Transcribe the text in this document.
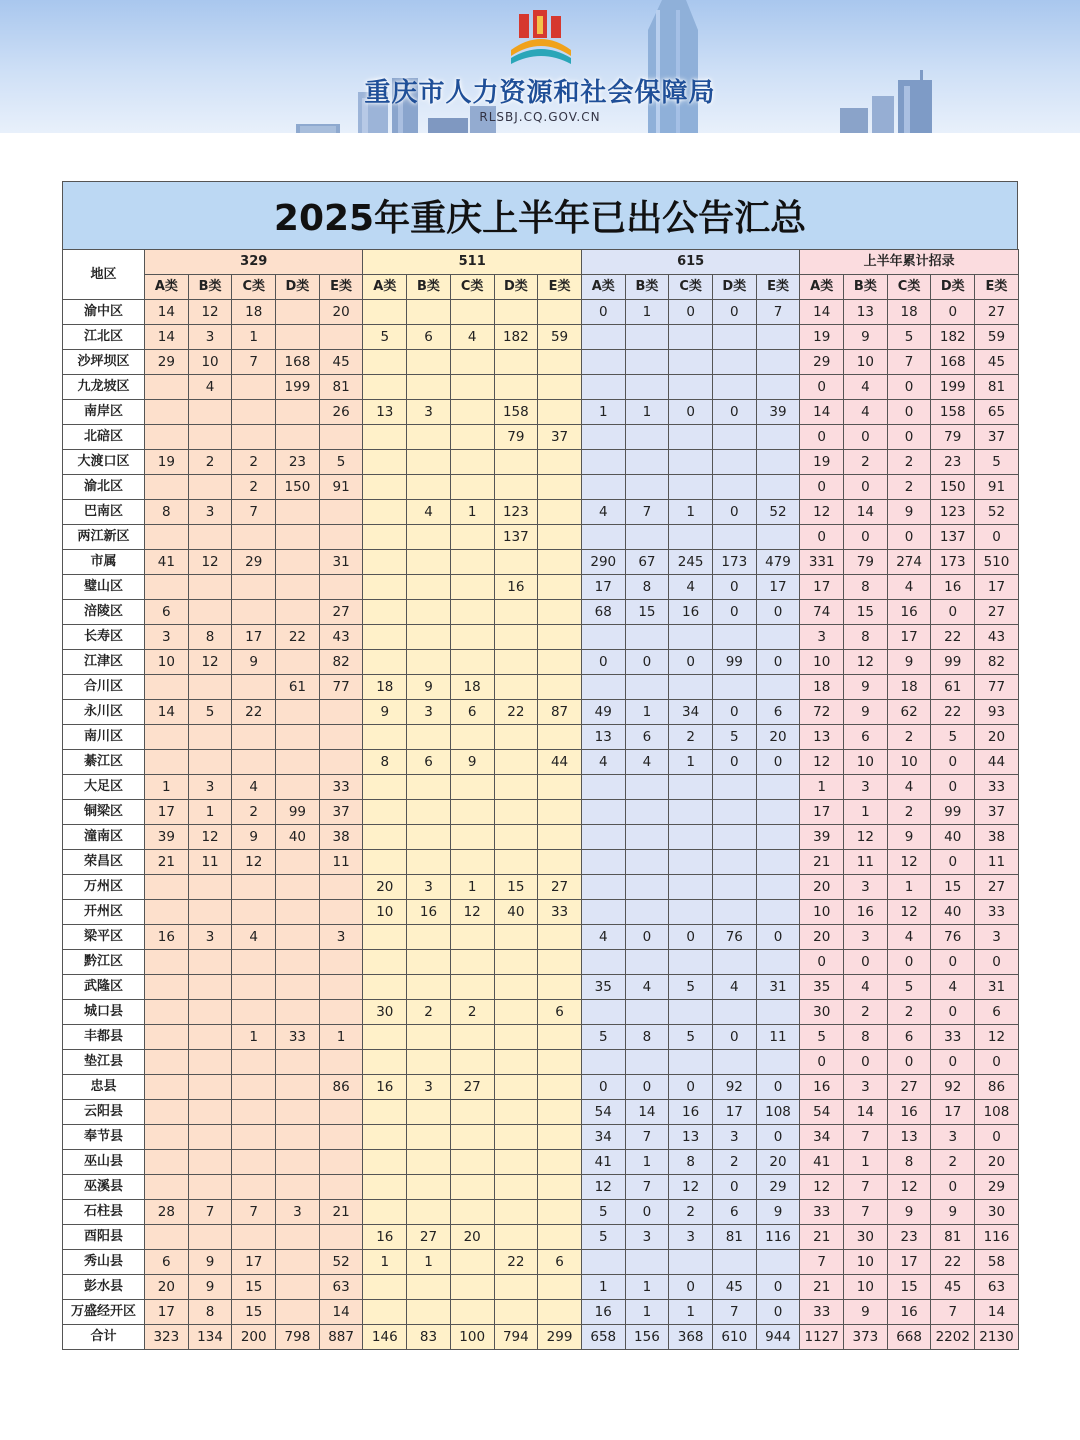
重庆市人力资源和社会保障局
RLSBJ.CQ.GOV.CN
2025年重庆上半年已出公告汇总
地区	329					511					615					上半年累计招录				
	A类	B类	C类	D类	E类	A类	B类	C类	D类	E类	A类	B类	C类	D类	E类	A类	B类	C类	D类	E类
渝中区	14	12	18		20						0	1	0	0	7	14	13	18	0	27
江北区	14	3	1			5	6	4	182	59						19	9	5	182	59
沙坪坝区	29	10	7	168	45											29	10	7	168	45
九龙坡区		4		199	81											0	4	0	199	81
南岸区					26	13	3		158		1	1	0	0	39	14	4	0	158	65
北碚区									79	37						0	0	0	79	37
大渡口区	19	2	2	23	5											19	2	2	23	5
渝北区			2	150	91											0	0	2	150	91
巴南区	8	3	7				4	1	123		4	7	1	0	52	12	14	9	123	52
两江新区									137							0	0	0	137	0
市属	41	12	29		31						290	67	245	173	479	331	79	274	173	510
璧山区									16		17	8	4	0	17	17	8	4	16	17
涪陵区	6				27						68	15	16	0	0	74	15	16	0	27
长寿区	3	8	17	22	43											3	8	17	22	43
江津区	10	12	9		82						0	0	0	99	0	10	12	9	99	82
合川区				61	77	18	9	18								18	9	18	61	77
永川区	14	5	22			9	3	6	22	87	49	1	34	0	6	72	9	62	22	93
南川区											13	6	2	5	20	13	6	2	5	20
綦江区						8	6	9		44	4	4	1	0	0	12	10	10	0	44
大足区	1	3	4		33											1	3	4	0	33
铜梁区	17	1	2	99	37											17	1	2	99	37
潼南区	39	12	9	40	38											39	12	9	40	38
荣昌区	21	11	12		11											21	11	12	0	11
万州区						20	3	1	15	27						20	3	1	15	27
开州区						10	16	12	40	33						10	16	12	40	33
梁平区	16	3	4		3						4	0	0	76	0	20	3	4	76	3
黔江区																0	0	0	0	0
武隆区											35	4	5	4	31	35	4	5	4	31
城口县						30	2	2		6						30	2	2	0	6
丰都县			1	33	1						5	8	5	0	11	5	8	6	33	12
垫江县																0	0	0	0	0
忠县					86	16	3	27			0	0	0	92	0	16	3	27	92	86
云阳县											54	14	16	17	108	54	14	16	17	108
奉节县											34	7	13	3	0	34	7	13	3	0
巫山县											41	1	8	2	20	41	1	8	2	20
巫溪县											12	7	12	0	29	12	7	12	0	29
石柱县	28	7	7	3	21						5	0	2	6	9	33	7	9	9	30
酉阳县						16	27	20			5	3	3	81	116	21	30	23	81	116
秀山县	6	9	17		52	1	1		22	6						7	10	17	22	58
彭水县	20	9	15		63						1	1	0	45	0	21	10	15	45	63
万盛经开区	17	8	15		14						16	1	1	7	0	33	9	16	7	14
合计	323	134	200	798	887	146	83	100	794	299	658	156	368	610	944	1127	373	668	2202	2130
